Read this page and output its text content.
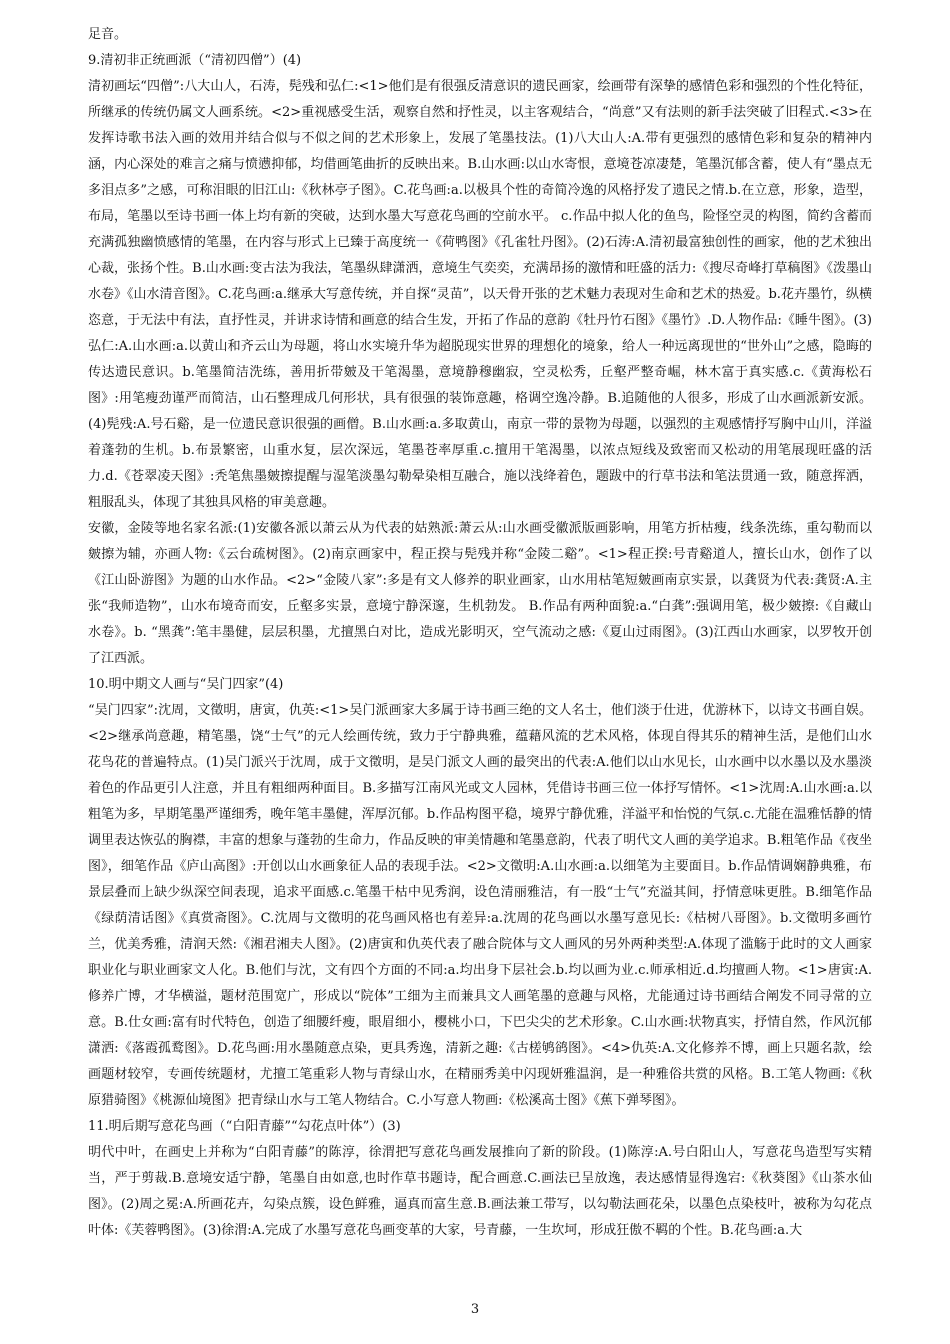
足音。

9.清初非正统画派（“清初四僧”）(4)

清初画坛“四僧”:八大山人，石涛，髡残和弘仁:<1>他们是有很强反清意识的遗民画家，绘画带有深挚的感情色彩和强烈的个性化特征，所继承的传统仍属文人画系统。<2>重视感受生活，观察自然和抒性灵，以主客观结合，“尚意”又有法则的新手法突破了旧程式.<3>在发挥诗歌书法入画的效用并结合似与不似之间的艺术形象上，发展了笔墨技法。(1)八大山人:A.带有更强烈的感情色彩和复杂的精神内涵，内心深处的难言之痛与愤懑抑郁，均借画笔曲折的反映出来。B.山水画:以山水寄恨，意境苍凉凄楚，笔墨沉郁含蓄，使人有“墨点无多泪点多”之感，可称泪眼的旧江山:《秋林亭子图》。C.花鸟画:a.以极具个性的奇简冷逸的风格抒发了遗民之情.b.在立意，形象，造型，布局，笔墨以至诗书画一体上均有新的突破，达到水墨大写意花鸟画的空前水平。 c.作品中拟人化的鱼鸟，险怪空灵的构图，简约含蓄而充满孤独幽愤感情的笔墨，在内容与形式上已臻于高度统一《荷鸭图》《孔雀牡丹图》。(2)石涛:A.清初最富独创性的画家，他的艺术独出心裁，张扬个性。B.山水画:变古法为我法，笔墨纵肆潇洒，意境生气奕奕，充满昂扬的激情和旺盛的活力:《搜尽奇峰打草稿图》《泼墨山水卷》《山水清音图》。C.花鸟画:a.继承大写意传统，并自探“灵苗”，以天骨开张的艺术魅力表现对生命和艺术的热爱。b.花卉墨竹，纵横恣意，于无法中有法，直抒性灵，并讲求诗情和画意的结合生发，开拓了作品的意韵《牡丹竹石图》《墨竹》.D.人物作品:《睡牛图》。(3)弘仁:A.山水画:a.以黄山和齐云山为母题，将山水实境升华为超脱现实世界的理想化的境象，给人一种远离现世的“世外山”之感，隐晦的传达遗民意识。b.笔墨简洁洗练，善用折带皴及干笔渴墨，意境静穆幽寂，空灵松秀，丘壑严整奇崛，林木富于真实感.c.《黄海松石图》:用笔瘦劲谨严而简洁，山石整理成几何形状，具有很强的装饰意趣，格调空逸冷静。B.追随他的人很多，形成了山水画派新安派。(4)髡残:A.号石谿，是一位遗民意识很强的画僧。B.山水画:a.多取黄山，南京一带的景物为母题，以强烈的主观感情抒写胸中山川，洋溢着蓬勃的生机。b.布景繁密，山重水复，层次深远，笔墨苍率厚重.c.擅用干笔渴墨，以浓点短线及致密而又松动的用笔展现旺盛的活力.d.《苍翠凌天图》:秃笔焦墨皴擦提醒与湿笔淡墨勾勒晕染相互融合，施以浅绛着色，题跋中的行草书法和笔法贯通一致，随意挥洒，粗服乱头，体现了其独具风格的审美意趣。

安徽，金陵等地名家名派:(1)安徽各派以萧云从为代表的姑熟派:萧云从:山水画受徽派版画影响，用笔方折枯瘦，线条洗练，重勾勒而以皴擦为辅，亦画人物:《云台疏树图》。(2)南京画家中，程正揆与髡残并称“金陵二谿”。<1>程正揆:号青谿道人，擅长山水，创作了以《江山卧游图》为题的山水作品。<2>“金陵八家”:多是有文人修养的职业画家，山水用枯笔短皴画南京实景，以龚贤为代表:龚贤:A.主张“我师造物”，山水布境奇而安，丘壑多实景，意境宁静深邃，生机勃发。 B.作品有两种面貌:a.“白龚”:强调用笔，极少皴擦:《自藏山水卷》。b. “黑龚”:笔丰墨健，层层积墨，尤擅黑白对比，造成光影明灭，空气流动之感:《夏山过雨图》。(3)江西山水画家，以罗牧开创了江西派。

10.明中期文人画与“吴门四家”(4)

“吴门四家”:沈周，文徵明，唐寅，仇英:<1>吴门派画家大多属于诗书画三绝的文人名士，他们淡于仕进，优游林下，以诗文书画自娱。<2>继承尚意趣，精笔墨，饶“士气”的元人绘画传统，致力于宁静典雅，蕴藉风流的艺术风格，体现自得其乐的精神生活，是他们山水花鸟花的普遍特点。(1)吴门派兴于沈周，成于文徵明，是吴门派文人画的最突出的代表:A.他们以山水见长，山水画中以水墨以及水墨淡着色的作品更引人注意，并且有粗细两种面目。B.多描写江南风光或文人园林，凭借诗书画三位一体抒写情怀。<1>沈周:A.山水画:a.以粗笔为多，早期笔墨严谨细秀，晚年笔丰墨健，浑厚沉郁。b.作品构图平稳，境界宁静优雅，洋溢平和怡悦的气氛.c.尤能在温雅恬静的情调里表达恢弘的胸襟，丰富的想象与蓬勃的生命力，作品反映的审美情趣和笔墨意韵，代表了明代文人画的美学追求。B.粗笔作品《夜坐图》，细笔作品《庐山高图》:开创以山水画象征人品的表现手法。<2>文徵明:A.山水画:a.以细笔为主要面目。b.作品情调娴静典雅，布景层叠而上缺少纵深空间表现，追求平面感.c.笔墨干枯中见秀润，设色清丽雅洁，有一股“士气”充溢其间，抒情意味更胜。B.细笔作品《绿荫清话图》《真赏斋图》。C.沈周与文徵明的花鸟画风格也有差异:a.沈周的花鸟画以水墨写意见长:《枯树八哥图》。b.文徵明多画竹兰，优美秀雅，清润天然:《湘君湘夫人图》。(2)唐寅和仇英代表了融合院体与文人画风的另外两种类型:A.体现了滥觞于此时的文人画家职业化与职业画家文人化。B.他们与沈，文有四个方面的不同:a.均出身下层社会.b.均以画为业.c.师承相近.d.均擅画人物。<1>唐寅:A.修养广博，才华横溢，题材范围宽广，形成以“院体”工细为主而兼具文人画笔墨的意趣与风格，尤能通过诗书画结合阐发不同寻常的立意。B.仕女画:富有时代特色，创造了细腰纤瘦，眼眉细小，樱桃小口，下巴尖尖的艺术形象。C.山水画:状物真实，抒情自然，作风沉郁潇洒:《落霞孤鹜图》。D.花鸟画:用水墨随意点染，更具秀逸，清新之趣:《古槎鸲鹆图》。<4>仇英:A.文化修养不博，画上只题名款，绘画题材较窄，专画传统题材，尤擅工笔重彩人物与青绿山水，在精丽秀美中闪现妍雅温润，是一种雅俗共赏的风格。B.工笔人物画:《秋原猎骑图》《桃源仙境图》把青绿山水与工笔人物结合。C.小写意人物画:《松溪高士图》《蕉下弹琴图》。

11.明后期写意花鸟画（“白阳青藤”“勾花点叶体”）(3)

明代中叶，在画史上并称为“白阳青藤”的陈淳，徐渭把写意花鸟画发展推向了新的阶段。(1)陈淳:A.号白阳山人，写意花鸟造型写实精当，严于剪裁.B.意境安适宁静，笔墨自由如意,也时作草书题诗，配合画意.C.画法已呈放逸，表达感情显得逸宕:《秋葵图》《山茶水仙图》。(2)周之冕:A.所画花卉，勾染点簇，设色鲜雅，逼真而富生意.B.画法兼工带写，以勾勒法画花朵，以墨色点染枝叶，被称为勾花点叶体:《芙蓉鸭图》。(3)徐渭:A.完成了水墨写意花鸟画变革的大家，号青藤，一生坎坷，形成狂傲不羁的个性。B.花鸟画:a.大

3
